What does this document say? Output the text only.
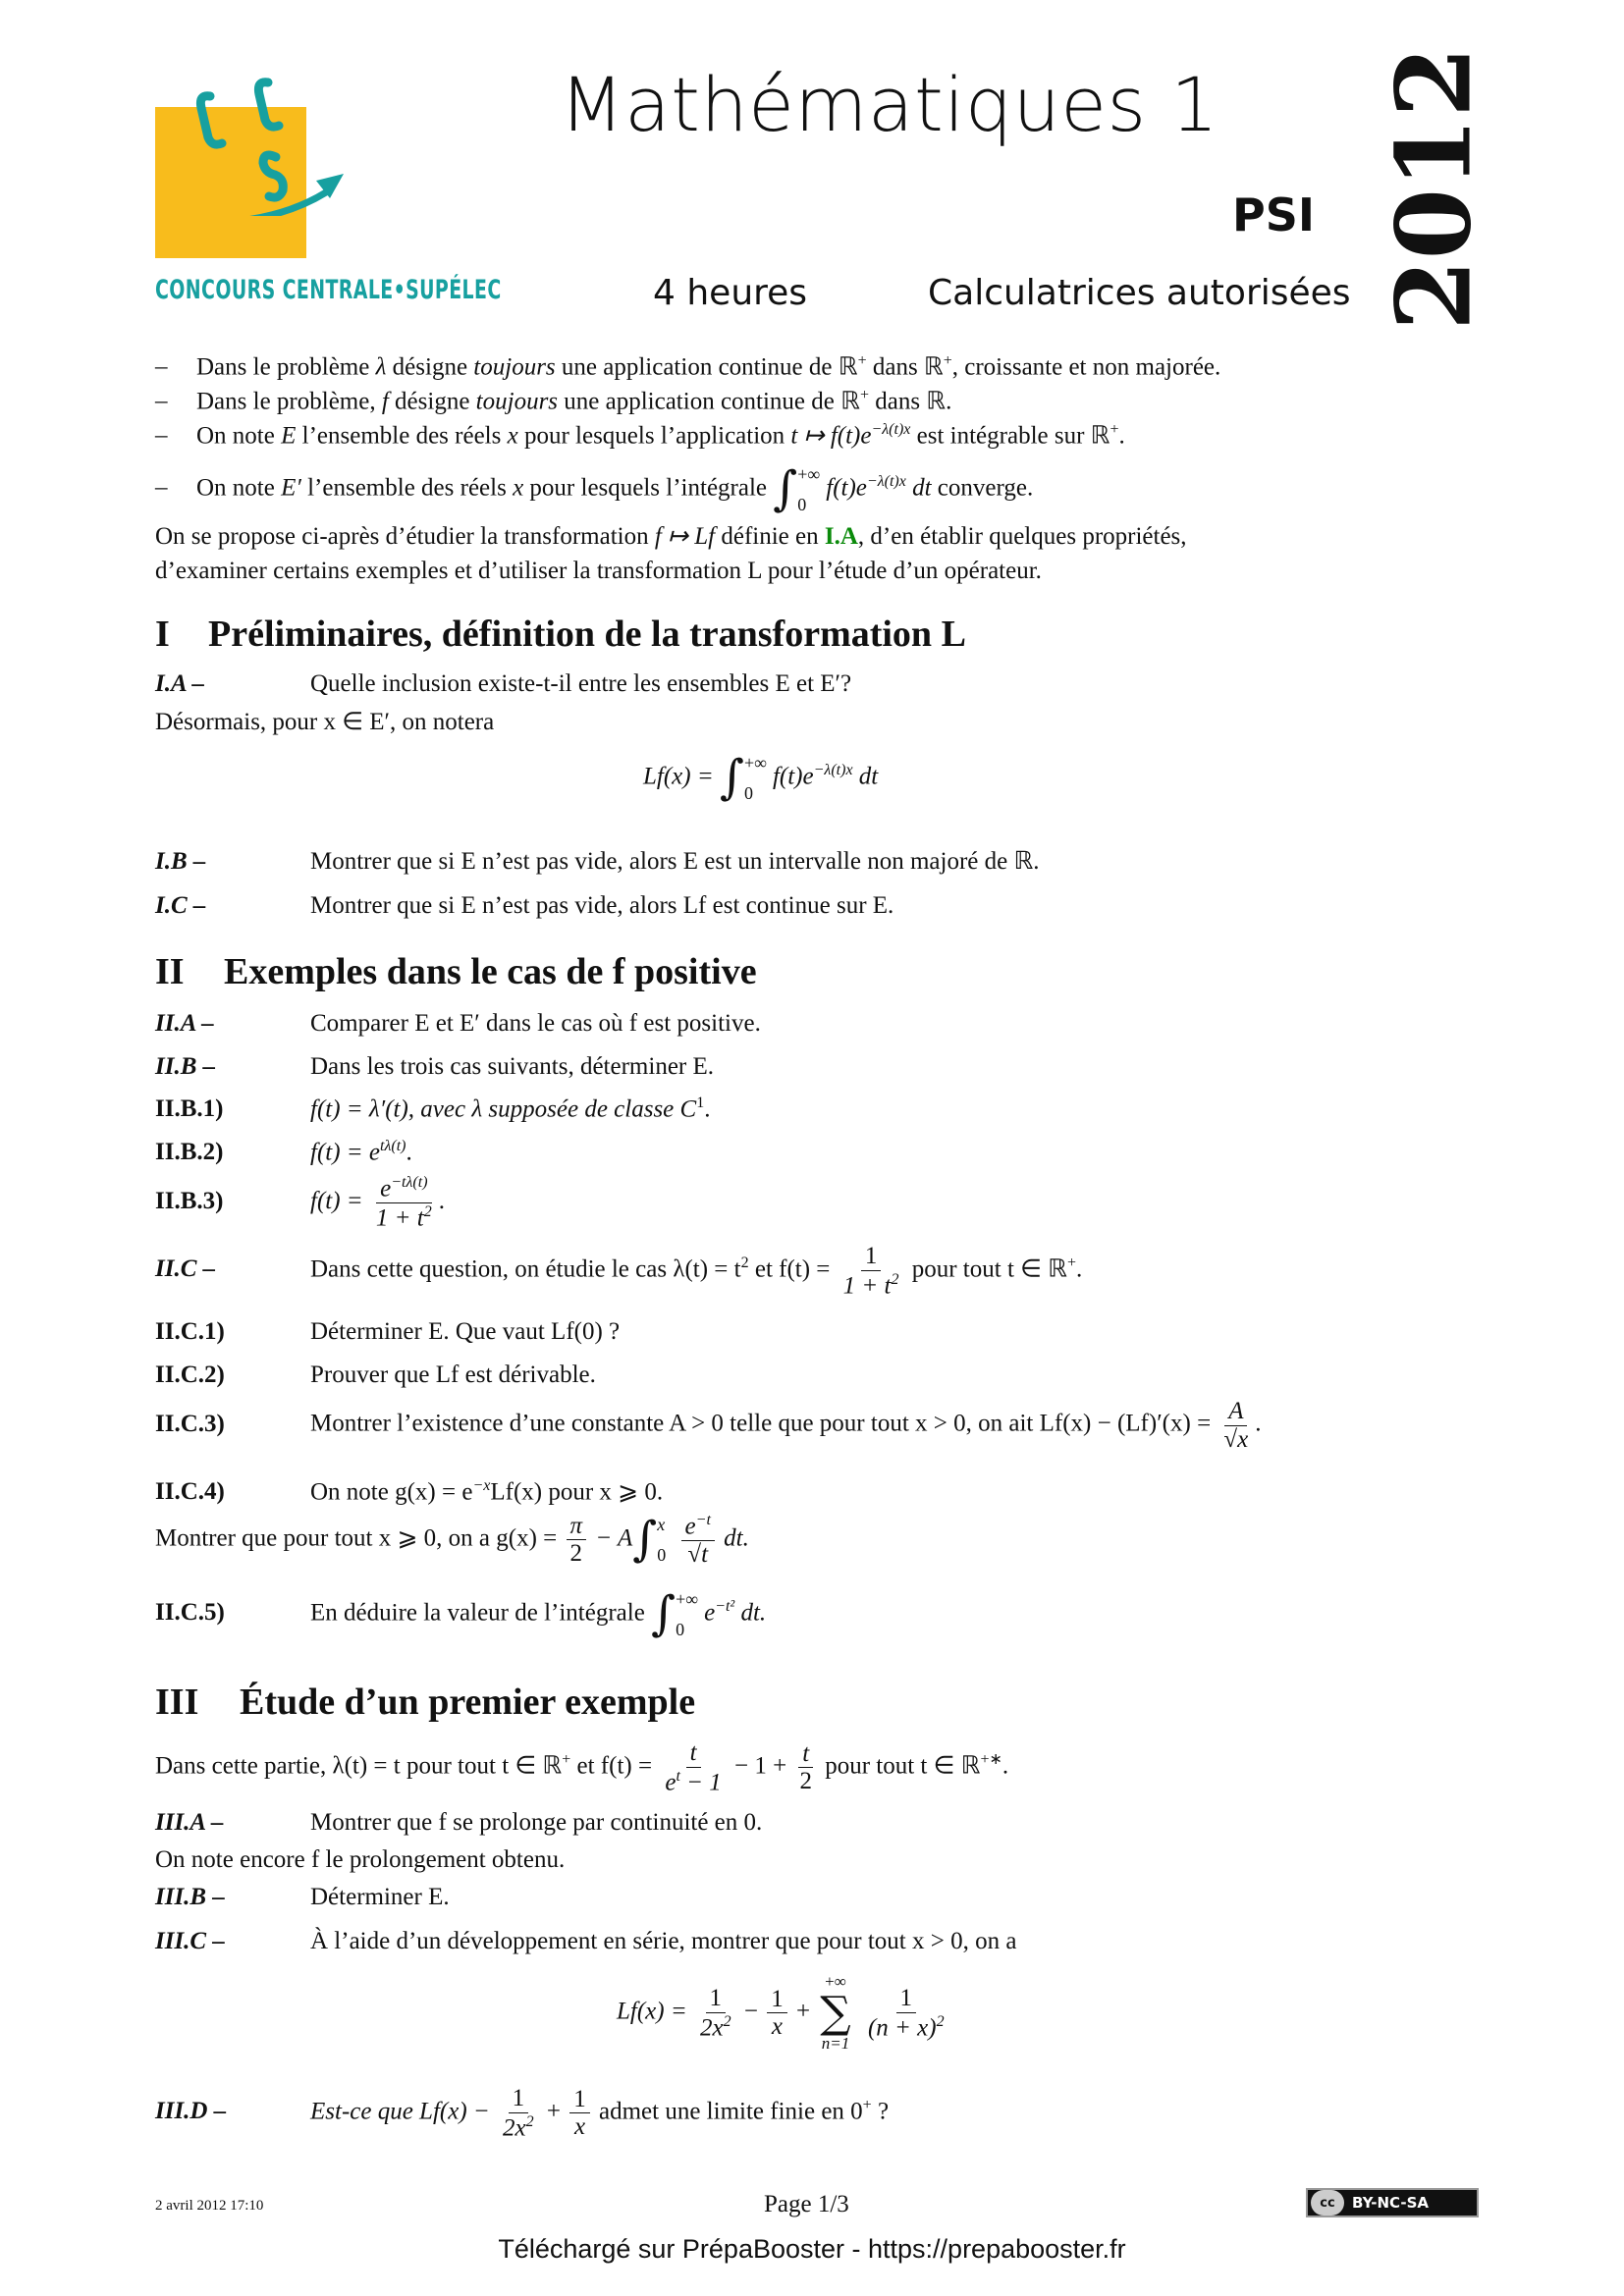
CONCOURS CENTRALE•SUPÉLEC
Mathématiques 1
PSI
4 heures	Calculatrices autorisées 2012
– Dans le problème λ désigne toujours une application continue de ℝ+ dans ℝ+, croissante et non majorée.
– Dans le problème, f désigne toujours une application continue de ℝ+ dans ℝ.
– On note E l’ensemble des réels x pour lesquels l’application t ↦ $f(t)e^{-\lambda(t)x}$ est intégrable sur ℝ+.
– On note E′ l’ensemble des réels x pour lesquels l’intégrale ∫ +∞
0
$f(t)e^{-\lambda(t)x}$ dt converge.
On se propose ci-après d’étudier la transformation f ↦ Lf définie en I.A, d’en établir quelques propriétés,
d’examiner certains exemples et d’utiliser la transformation L pour l’étude d’un opérateur.
I Préliminaires, définition de la transformation L
I.A –	Quelle inclusion existe-t-il entre les ensembles E et E′?
Désormais, pour x ∈ E′, on notera
Lf(x) = ∫ +∞
0
$f(t)e^{-\lambda(t)x}$ dt
I.B –	Montrer que si E n’est pas vide, alors E est un intervalle non majoré de ℝ.
I.C –	Montrer que si E n’est pas vide, alors Lf est continue sur E.
II Exemples dans le cas de f positive
II.A –	Comparer E et E′ dans le cas où f est positive.
II.B –	Dans les trois cas suivants, déterminer E.
II.B.1)	f(t) = λ′(t), avec λ supposée de classe $C^1$.
II.B.2)	$f(t) = e^{t\lambda(t)}$.
II.B.3)	$f(t) = \frac{e^{-t\lambda(t)}}{1 + t^2}$ .
II.C –	Dans cette question, on étudie le cas $\lambda(t) = t^2$ et $f(t) = \frac{1}{1 + t^2}$ pour tout t ∈ ℝ+.
II.C.1)	Déterminer E. Que vaut Lf(0) ?
II.C.2)	Prouver que Lf est dérivable.
II.C.3)	Montrer l’existence d’une constante A > 0 telle que pour tout x > 0, on ait $Lf(x) - (Lf)'(x) = \frac{A}{√x}$ .
II.C.4)	On note $g(x) = e^{-x}Lf(x)$ pour x ⩾ 0.
Montrer que pour tout x ⩾ 0, on a $g(x) = \frac{\pi}{2} - A\int$ x
0
$\frac{e^{-t}}{√t}$ dt.
II.C.5)	En déduire la valeur de l’intégrale ∫ +∞
0
$e^{-t^2}$ dt.
III Étude d’un premier exemple
Dans cette partie, λ(t) = t pour tout t ∈ ℝ+ et $f(t) = \frac{t}{e^t - 1} - 1 + \frac{t}{2}$ pour tout t ∈ ℝ+∗.
III.A –	Montrer que f se prolonge par continuité en 0.
On note encore f le prolongement obtenu.
III.B –	Déterminer E.
III.C –	À l’aide d’un développement en série, montrer que pour tout x > 0, on a
$Lf(x) = \frac{1}{2x^2} - \frac{1}{x}$ +
+∞
∑
n=1

$\frac{1}{(n + x)^2}$
III.D –	Est-ce que $Lf(x) - \frac{1}{2x^2} + \frac{1}{x}$ admet une limite finie en 0+ ?
2 avril 2012 17:10	Page 1/3	cc	BY-NC-SA
Téléchargé sur PrépaBooster - https://prepabooster.fr
